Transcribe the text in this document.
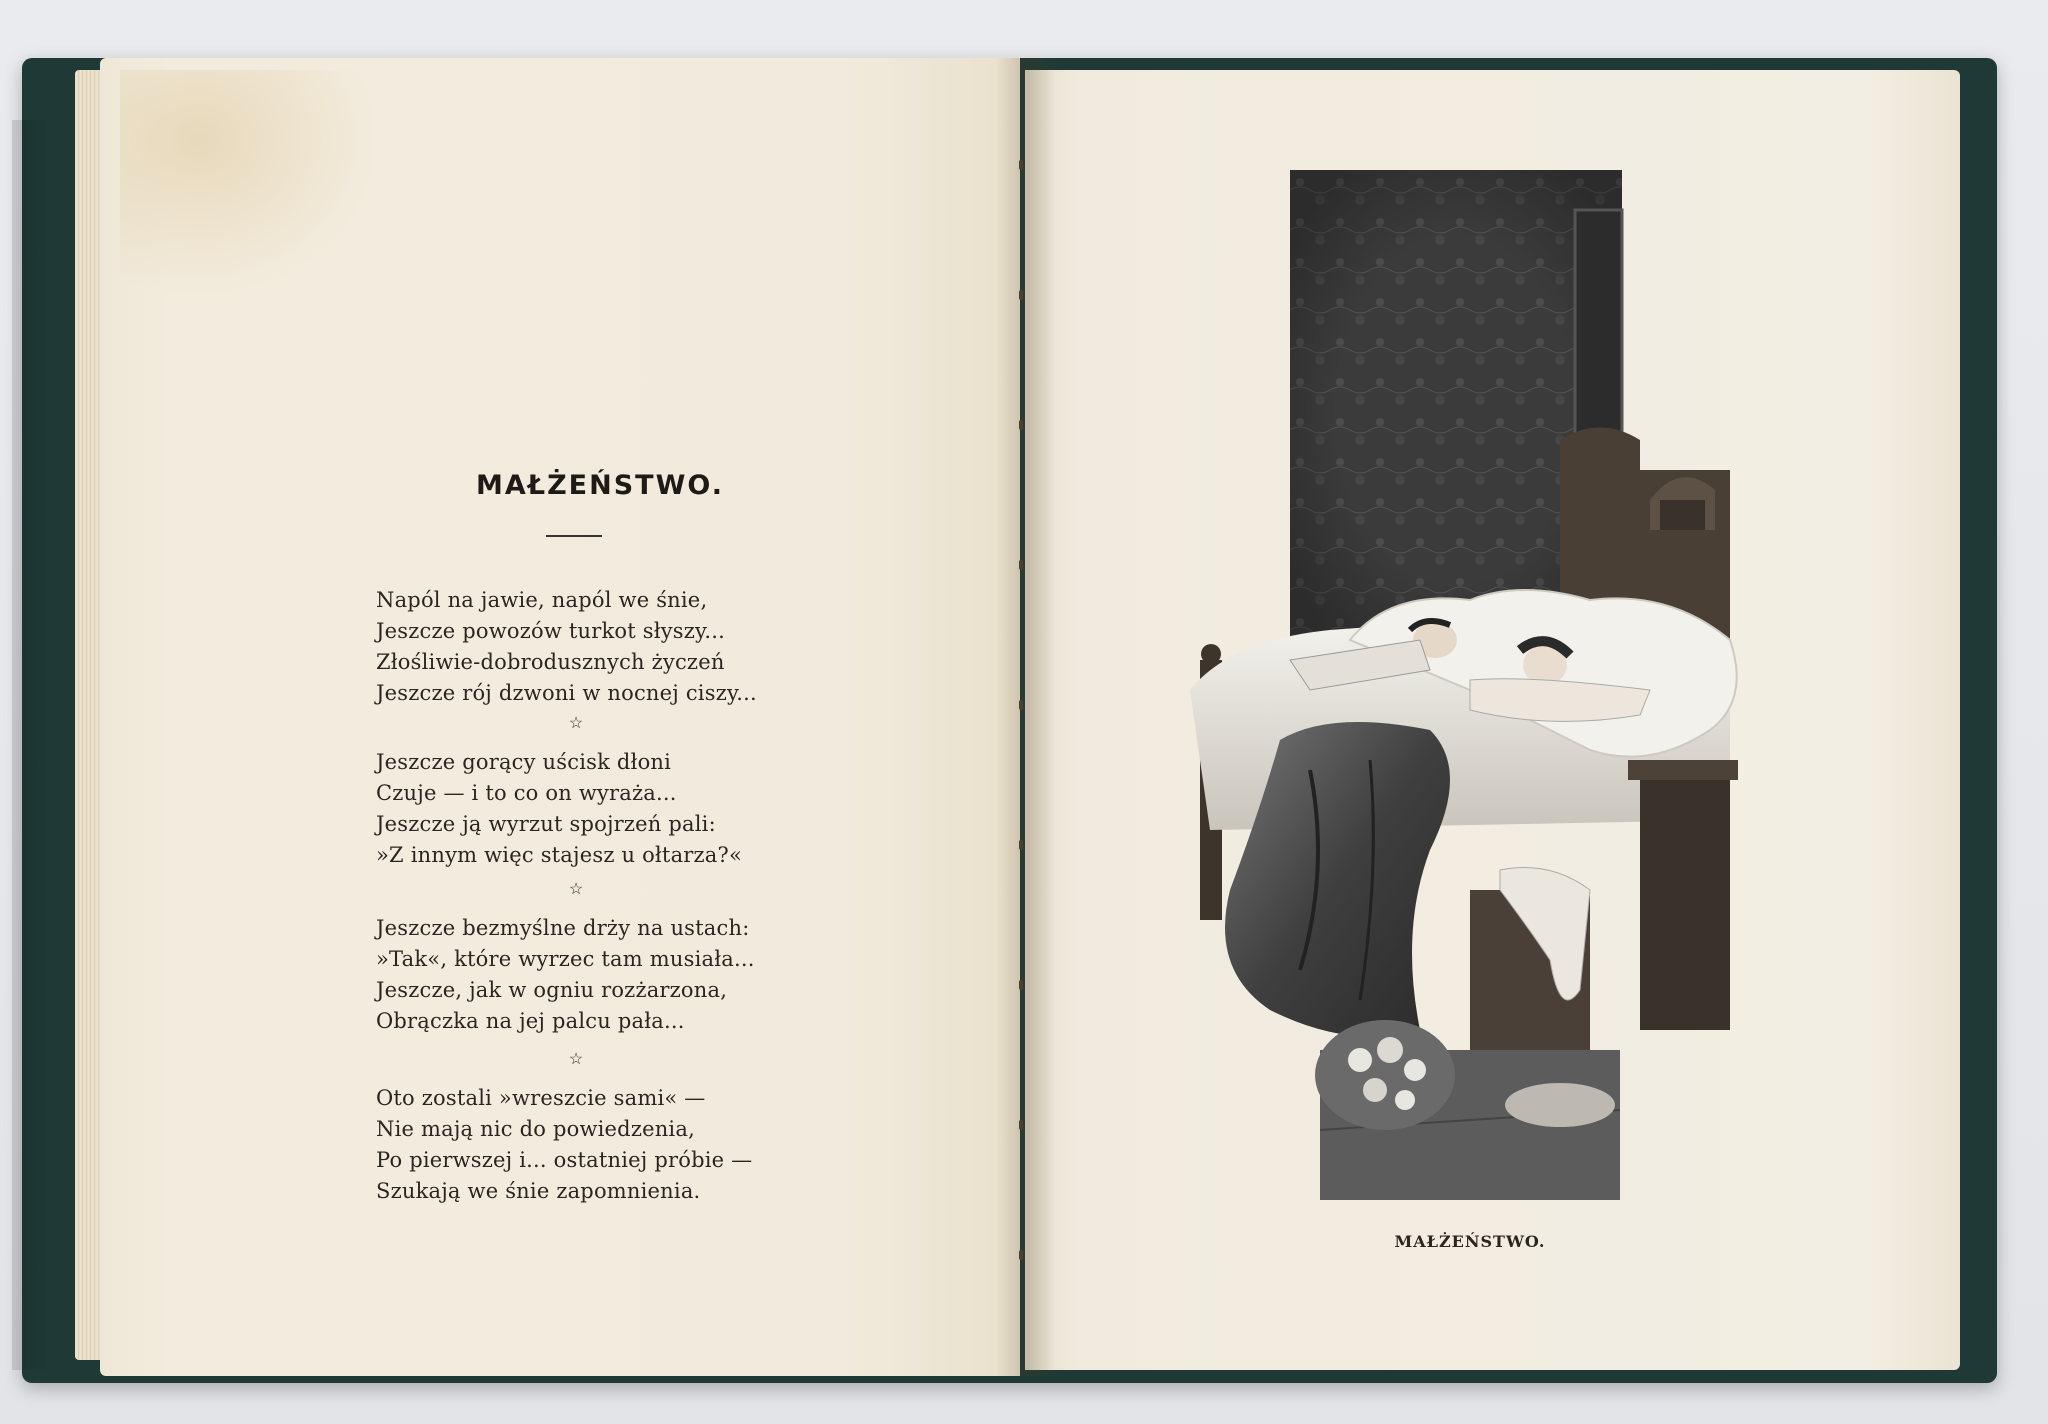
MAŁŻEŃSTWO.
Napól na jawie, napól we śnie,
Jeszcze powozów turkot słyszy...
Złośliwie-dobrodusznych życzeń
Jeszcze rój dzwoni w nocnej ciszy...
☆
Jeszcze gorący uścisk dłoni
Czuje — i to co on wyraża...
Jeszcze ją wyrzut spojrzeń pali:
»Z innym więc stajesz u ołtarza?«
☆
Jeszcze bezmyślne drży na ustach:
»Tak«, które wyrzec tam musiała...
Jeszcze, jak w ogniu rozżarzona,
Obrączka na jej palcu pała...
☆
Oto zostali »wreszcie sami« —
Nie mają nic do powiedzenia,
Po pierwszej i... ostatniej próbie —
Szukają we śnie zapomnienia.
MAŁŻEŃSTWO.
